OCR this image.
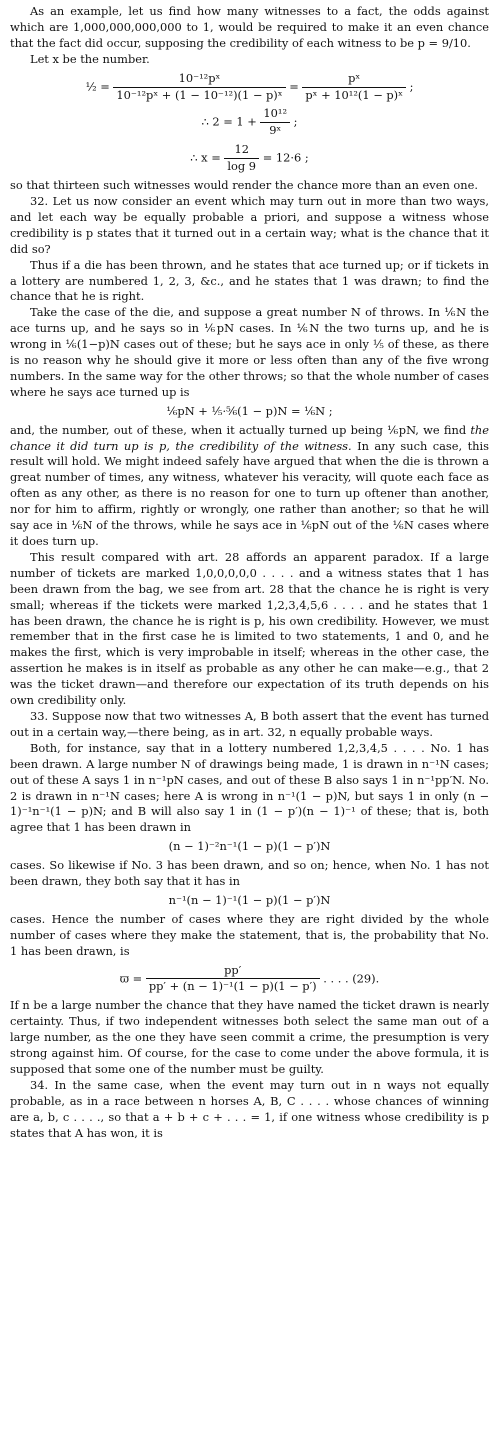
As an example, let us find how many witnesses to a fact, the odds against which are 1,000,000,000,000 to 1, would be required to make it an even chance that the fact did occur, supposing the credibility of each witness to be p = 9/10.

Let x be the number.

½ = $\frac{\text{10⁻¹²pˣ}}{\text{10⁻¹²pˣ + (1 − 10⁻¹²)(1 − p)ˣ}} = \frac{\text{pˣ}}{\text{pˣ + 10¹²(1 − p)ˣ}}$ ;
∴ $2 = 1 + \frac{\text{10¹²}}{\text{9ˣ}}$ ;
∴ $x = \frac{12}{\log 9} = 12\cdot 6$ ;

so that thirteen such witnesses would render the chance more than an even one.

32. Let us now consider an event which may turn out in more than two ways, and let each way be equally probable a priori, and suppose a witness whose credibility is p states that it turned out in a certain way; what is the chance that it did so?

Thus if a die has been thrown, and he states that ace turned up; or if tickets in a lottery are numbered 1, 2, 3, &c., and he states that 1 was drawn; to find the chance that he is right.

Take the case of the die, and suppose a great number N of throws. In ⅙N the ace turns up, and he says so in ⅙pN cases. In ⅙N the two turns up, and he is wrong in ⅙(1−p)N cases out of these; but he says ace in only ⅕ of these, as there is no reason why he should give it more or less often than any of the five wrong numbers. In the same way for the other throws; so that the whole number of cases where he says ace turned up is

⅙pN + ⅕·⅚(1 − p)N = ⅙N ;

and, the number, out of these, when it actually turned up being ⅙pN, we find the chance it did turn up is p, the credibility of the witness. In any such case, this result will hold. We might indeed safely have argued that when the die is thrown a great number of times, any witness, whatever his veracity, will quote each face as often as any other, as there is no reason for one to turn up oftener than another, nor for him to affirm, rightly or wrongly, one rather than another; so that he will say ace in ⅙N of the throws, while he says ace in ⅙pN out of the ⅙N cases where it does turn up.

This result compared with art. 28 affords an apparent paradox. If a large number of tickets are marked 1,0,0,0,0,0 . . . . and a witness states that 1 has been drawn from the bag, we see from art. 28 that the chance he is right is very small; whereas if the tickets were marked 1,2,3,4,5,6 . . . . and he states that 1 has been drawn, the chance he is right is p, his own credibility. However, we must remember that in the first case he is limited to two statements, 1 and 0, and he makes the first, which is very improbable in itself; whereas in the other case, the assertion he makes is in itself as probable as any other he can make—e.g., that 2 was the ticket drawn—and therefore our expectation of its truth depends on his own credibility only.

33. Suppose now that two witnesses A, B both assert that the event has turned out in a certain way,—there being, as in art. 32, n equally probable ways.

Both, for instance, say that in a lottery numbered 1,2,3,4,5 . . . . No. 1 has been drawn. A large number N of drawings being made, 1 is drawn in n⁻¹N cases; out of these A says 1 in n⁻¹pN cases, and out of these B also says 1 in n⁻¹pp′N. No. 2 is drawn in n⁻¹N cases; here A is wrong in n⁻¹(1 − p)N, but says 1 in only (n − 1)⁻¹n⁻¹(1 − p)N; and B will also say 1 in (1 − p′)(n − 1)⁻¹ of these; that is, both agree that 1 has been drawn in

(n − 1)⁻²n⁻¹(1 − p)(1 − p′)N

cases. So likewise if No. 3 has been drawn, and so on; hence, when No. 1 has not been drawn, they both say that it has in

n⁻¹(n − 1)⁻¹(1 − p)(1 − p′)N

cases. Hence the number of cases where they are right divided by the whole number of cases where they make the statement, that is, the probability that No. 1 has been drawn, is

$ϖ = \frac{pp'}{\text{pp′ + (n − 1)⁻¹(1 − p)(1 − p′)}}$ . . . . (29).

If n be a large number the chance that they have named the ticket drawn is nearly certainty. Thus, if two independent witnesses both select the same man out of a large number, as the one they have seen commit a crime, the presumption is very strong against him. Of course, for the case to come under the above formula, it is supposed that some one of the number must be guilty.

34. In the same case, when the event may turn out in n ways not equally probable, as in a race between n horses A, B, C . . . . whose chances of winning are a, b, c . . . ., so that a + b + c + . . . = 1, if one witness whose credibility is p states that A has won, it is
